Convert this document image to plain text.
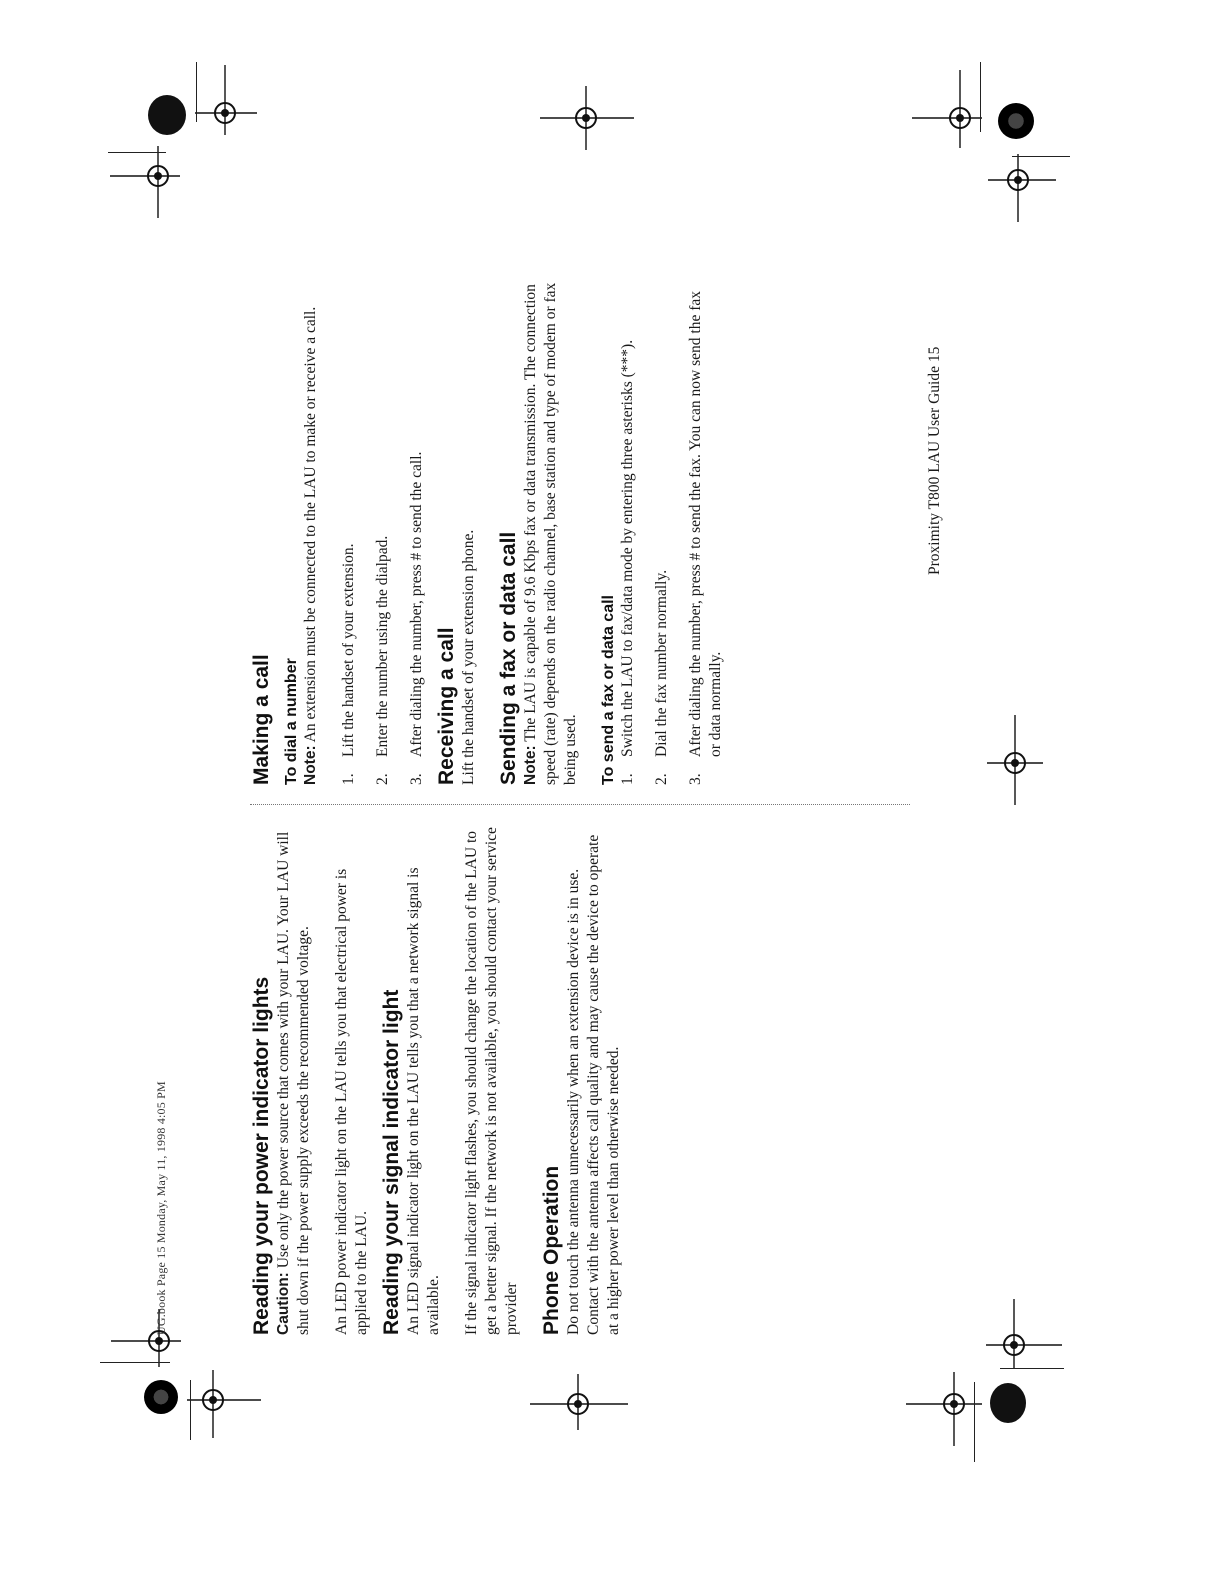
UG.book Page 15 Monday, May 11, 1998 4:05 PM	Reading your power indicator lights Caution: Use only the power source that comes with your LAU. Your LAU will shut down if the power supply exceeds the recommended voltage. An LED power indicator light on the LAU tells you that electrical power is applied to the LAU. Reading your signal indicator light An LED signal indicator light on the LAU tells you that a network signal is available. If the signal indicator light flashes, you should change the location of the LAU to get a better signal. If the network is not available, you should contact your service provider Phone Operation Do not touch the antenna unnecessarily when an extension device is in use. Contact with the antenna affects call quality and may cause the device to operate at a higher power level than otherwise needed.

Making a call To dial a number Note: An extension must be connected to the LAU to make or receive a call.

1.
Lift the handset of your extension.
2.
Enter the number using the dialpad.
3.
After dialing the number, press # to send the call. Receiving a call Lift the handset of your extension phone. Sending a fax or data call Note: The LAU is capable of 9.6 Kbps fax or data transmission. The connection speed (rate) depends on the radio channel, base station and type of modem or fax being used. To send a fax or data call 1.
Switch the LAU to fax/data mode by entering three asterisks (***).
2.
Dial the fax number normally.
3.
After dialing the number, press # to send the fax. You can now send the fax or data normally.
Proximity T800 LAU User Guide 15
